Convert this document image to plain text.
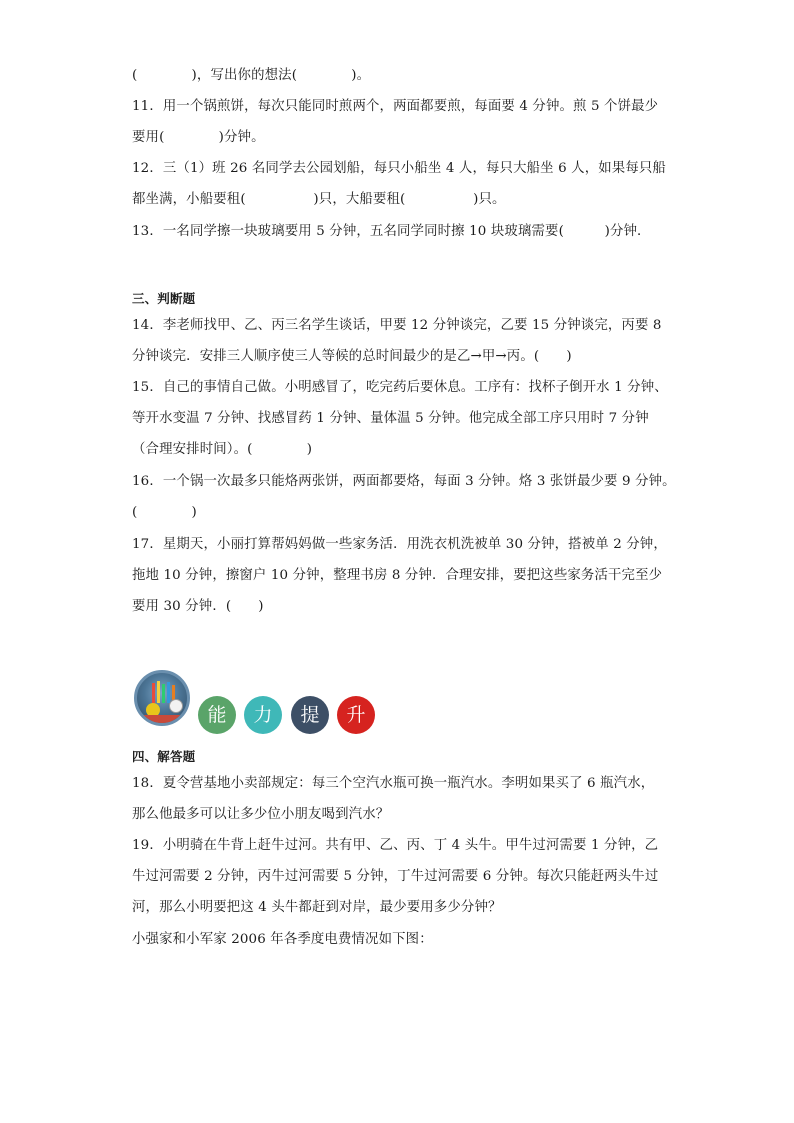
(　　　　)，写出你的想法(　　　　)。
11．用一个锅煎饼，每次只能同时煎两个，两面都要煎，每面要 4 分钟。煎 5 个饼最少
要用(　　　　)分钟。
12．三（1）班 26 名同学去公园划船，每只小船坐 4 人，每只大船坐 6 人，如果每只船
都坐满，小船要租(　　　　　)只，大船要租(　　　　　)只。
13．一名同学擦一块玻璃要用 5 分钟，五名同学同时擦 10 块玻璃需要(　　　)分钟．
三、判断题
14．李老师找甲、乙、丙三名学生谈话，甲要 12 分钟谈完，乙要 15 分钟谈完，丙要 8
分钟谈完．安排三人顺序使三人等候的总时间最少的是乙→甲→丙。(　　)
15．自己的事情自己做。小明感冒了，吃完药后要休息。工序有：找杯子倒开水 1 分钟、
等开水变温 7 分钟、找感冒药 1 分钟、量体温 5 分钟。他完成全部工序只用时 7 分钟
（合理安排时间）。(　　　　)
16．一个锅一次最多只能烙两张饼，两面都要烙，每面 3 分钟。烙 3 张饼最少要 9 分钟。
(　　　　)
17．星期天，小丽打算帮妈妈做一些家务活．用洗衣机洗被单 30 分钟，搭被单 2 分钟，
拖地 10 分钟，擦窗户 10 分钟，整理书房 8 分钟．合理安排，要把这些家务活干完至少
要用 30 分钟．(　　)
能	力	提	升
四、解答题
18．夏令营基地小卖部规定：每三个空汽水瓶可换一瓶汽水。李明如果买了 6 瓶汽水，
那么他最多可以让多少位小朋友喝到汽水？
19．小明骑在牛背上赶牛过河。共有甲、乙、丙、丁 4 头牛。甲牛过河需要 1 分钟，乙
牛过河需要 2 分钟，丙牛过河需要 5 分钟，丁牛过河需要 6 分钟。每次只能赶两头牛过
河，那么小明要把这 4 头牛都赶到对岸，最少要用多少分钟？
小强家和小军家 2006 年各季度电费情况如下图：
